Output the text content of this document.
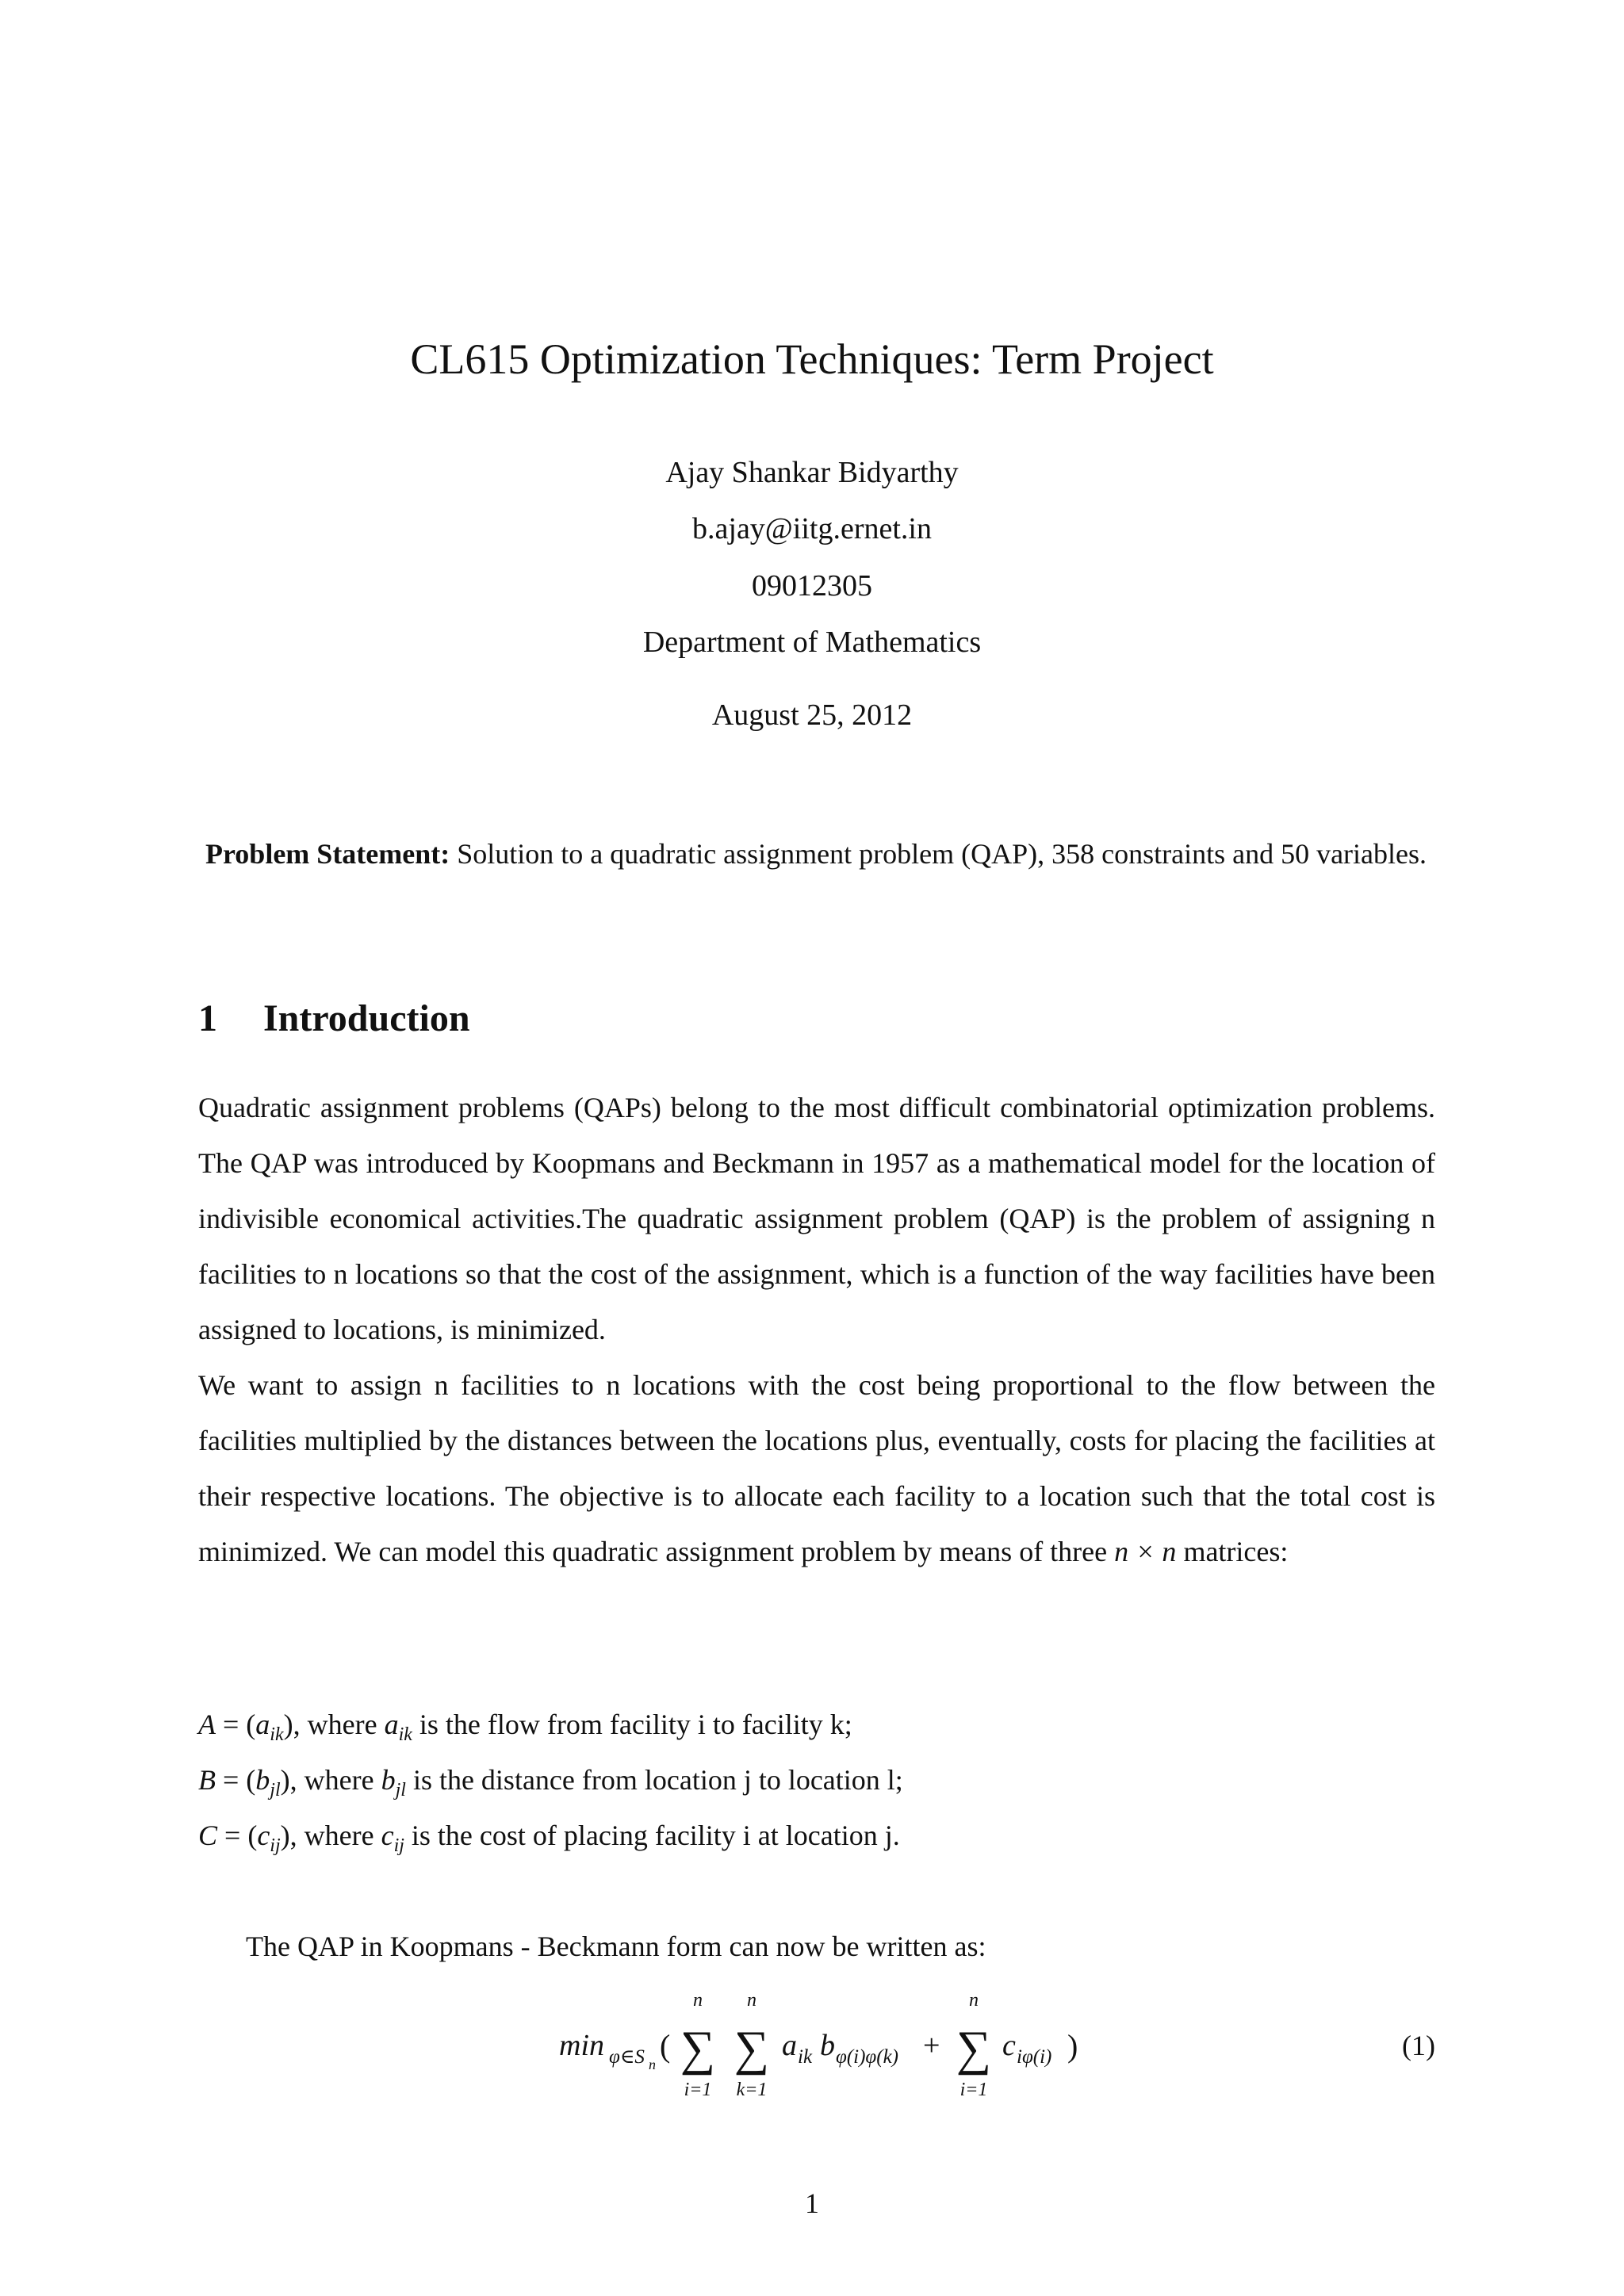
CL615 Optimization Techniques: Term Project
Ajay Shankar Bidyarthy
b.ajay@iitg.ernet.in
09012305
Department of Mathematics
August 25, 2012
Problem Statement: Solution to a quadratic assignment problem (QAP), 358 constraints and 50 variables.
1 Introduction

Quadratic assignment problems (QAPs) belong to the most difficult combinatorial optimization problems. The QAP was introduced by Koopmans and Beckmann in 1957 as a mathematical model for the location of indivisible economical activities.The quadratic assignment problem (QAP) is the problem of assigning n facilities to n locations so that the cost of the assignment, which is a function of the way facilities have been assigned to locations, is minimized.

We want to assign n facilities to n locations with the cost being proportional to the flow between the facilities multiplied by the distances between the locations plus, eventually, costs for placing the facilities at their respective locations. The objective is to allocate each facility to a location such that the total cost is minimized. We can model this quadratic assignment problem by means of three n × n matrices:

$A = (a_{ik})$, where $a_{ik}$ is the flow from facility i to facility k;
$B = (b_{jl})$, where $b_{jl}$ is the distance from location j to location l;
$C = (c_{ij})$, where $c_{ij}$ is the cost of placing facility i at location j.
The QAP in Koopmans - Beckmann form can now be written as:
min φ∈S n
(
n
∑
i=1
n
∑
k=1
a ik b φ(i)φ(k) +
n
∑
i=1
c iφ(i) )	(1)
1
